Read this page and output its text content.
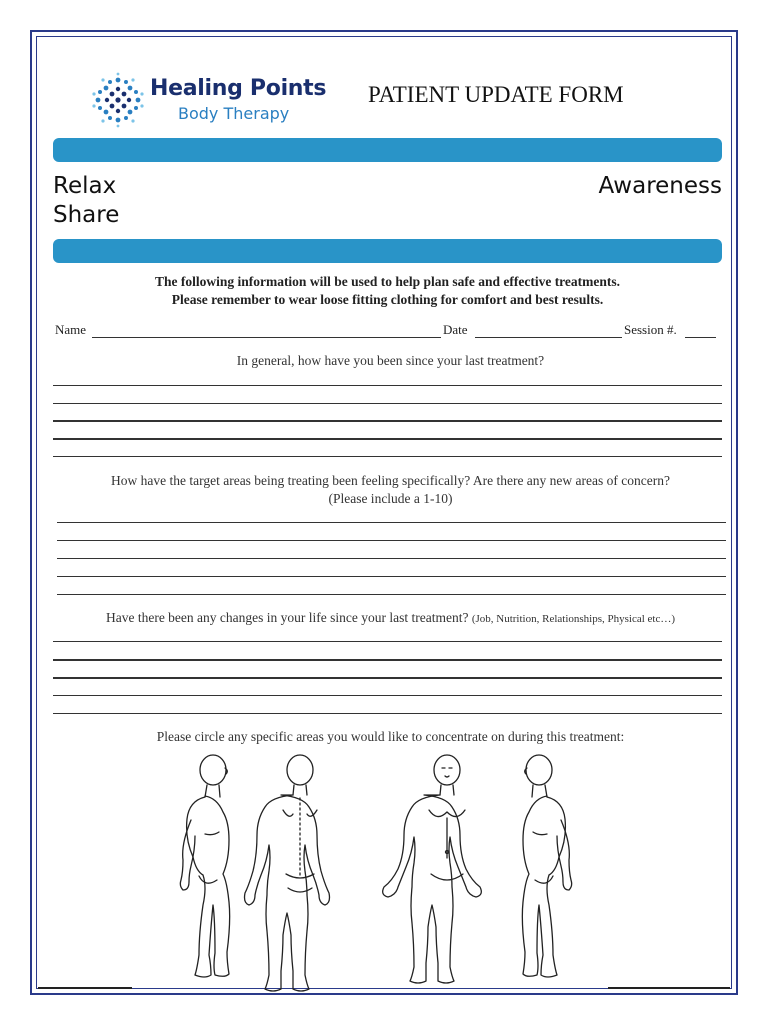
Healing Points
Body Therapy
PATIENT UPDATE FORM
Relax
Share
Awareness
The following information will be used to help plan safe and effective treatments.
Please remember to wear loose fitting clothing for comfort and best results.
Name	Date	Session #.
In general, how have you been since your last treatment?
How have the target areas being treating been feeling specifically? Are there any new areas of concern?
(Please include a 1-10)
Have there been any changes in your life since your last treatment? (Job, Nutrition, Relationships, Physical etc…)
Please circle any specific areas you would like to concentrate on during this treatment:
